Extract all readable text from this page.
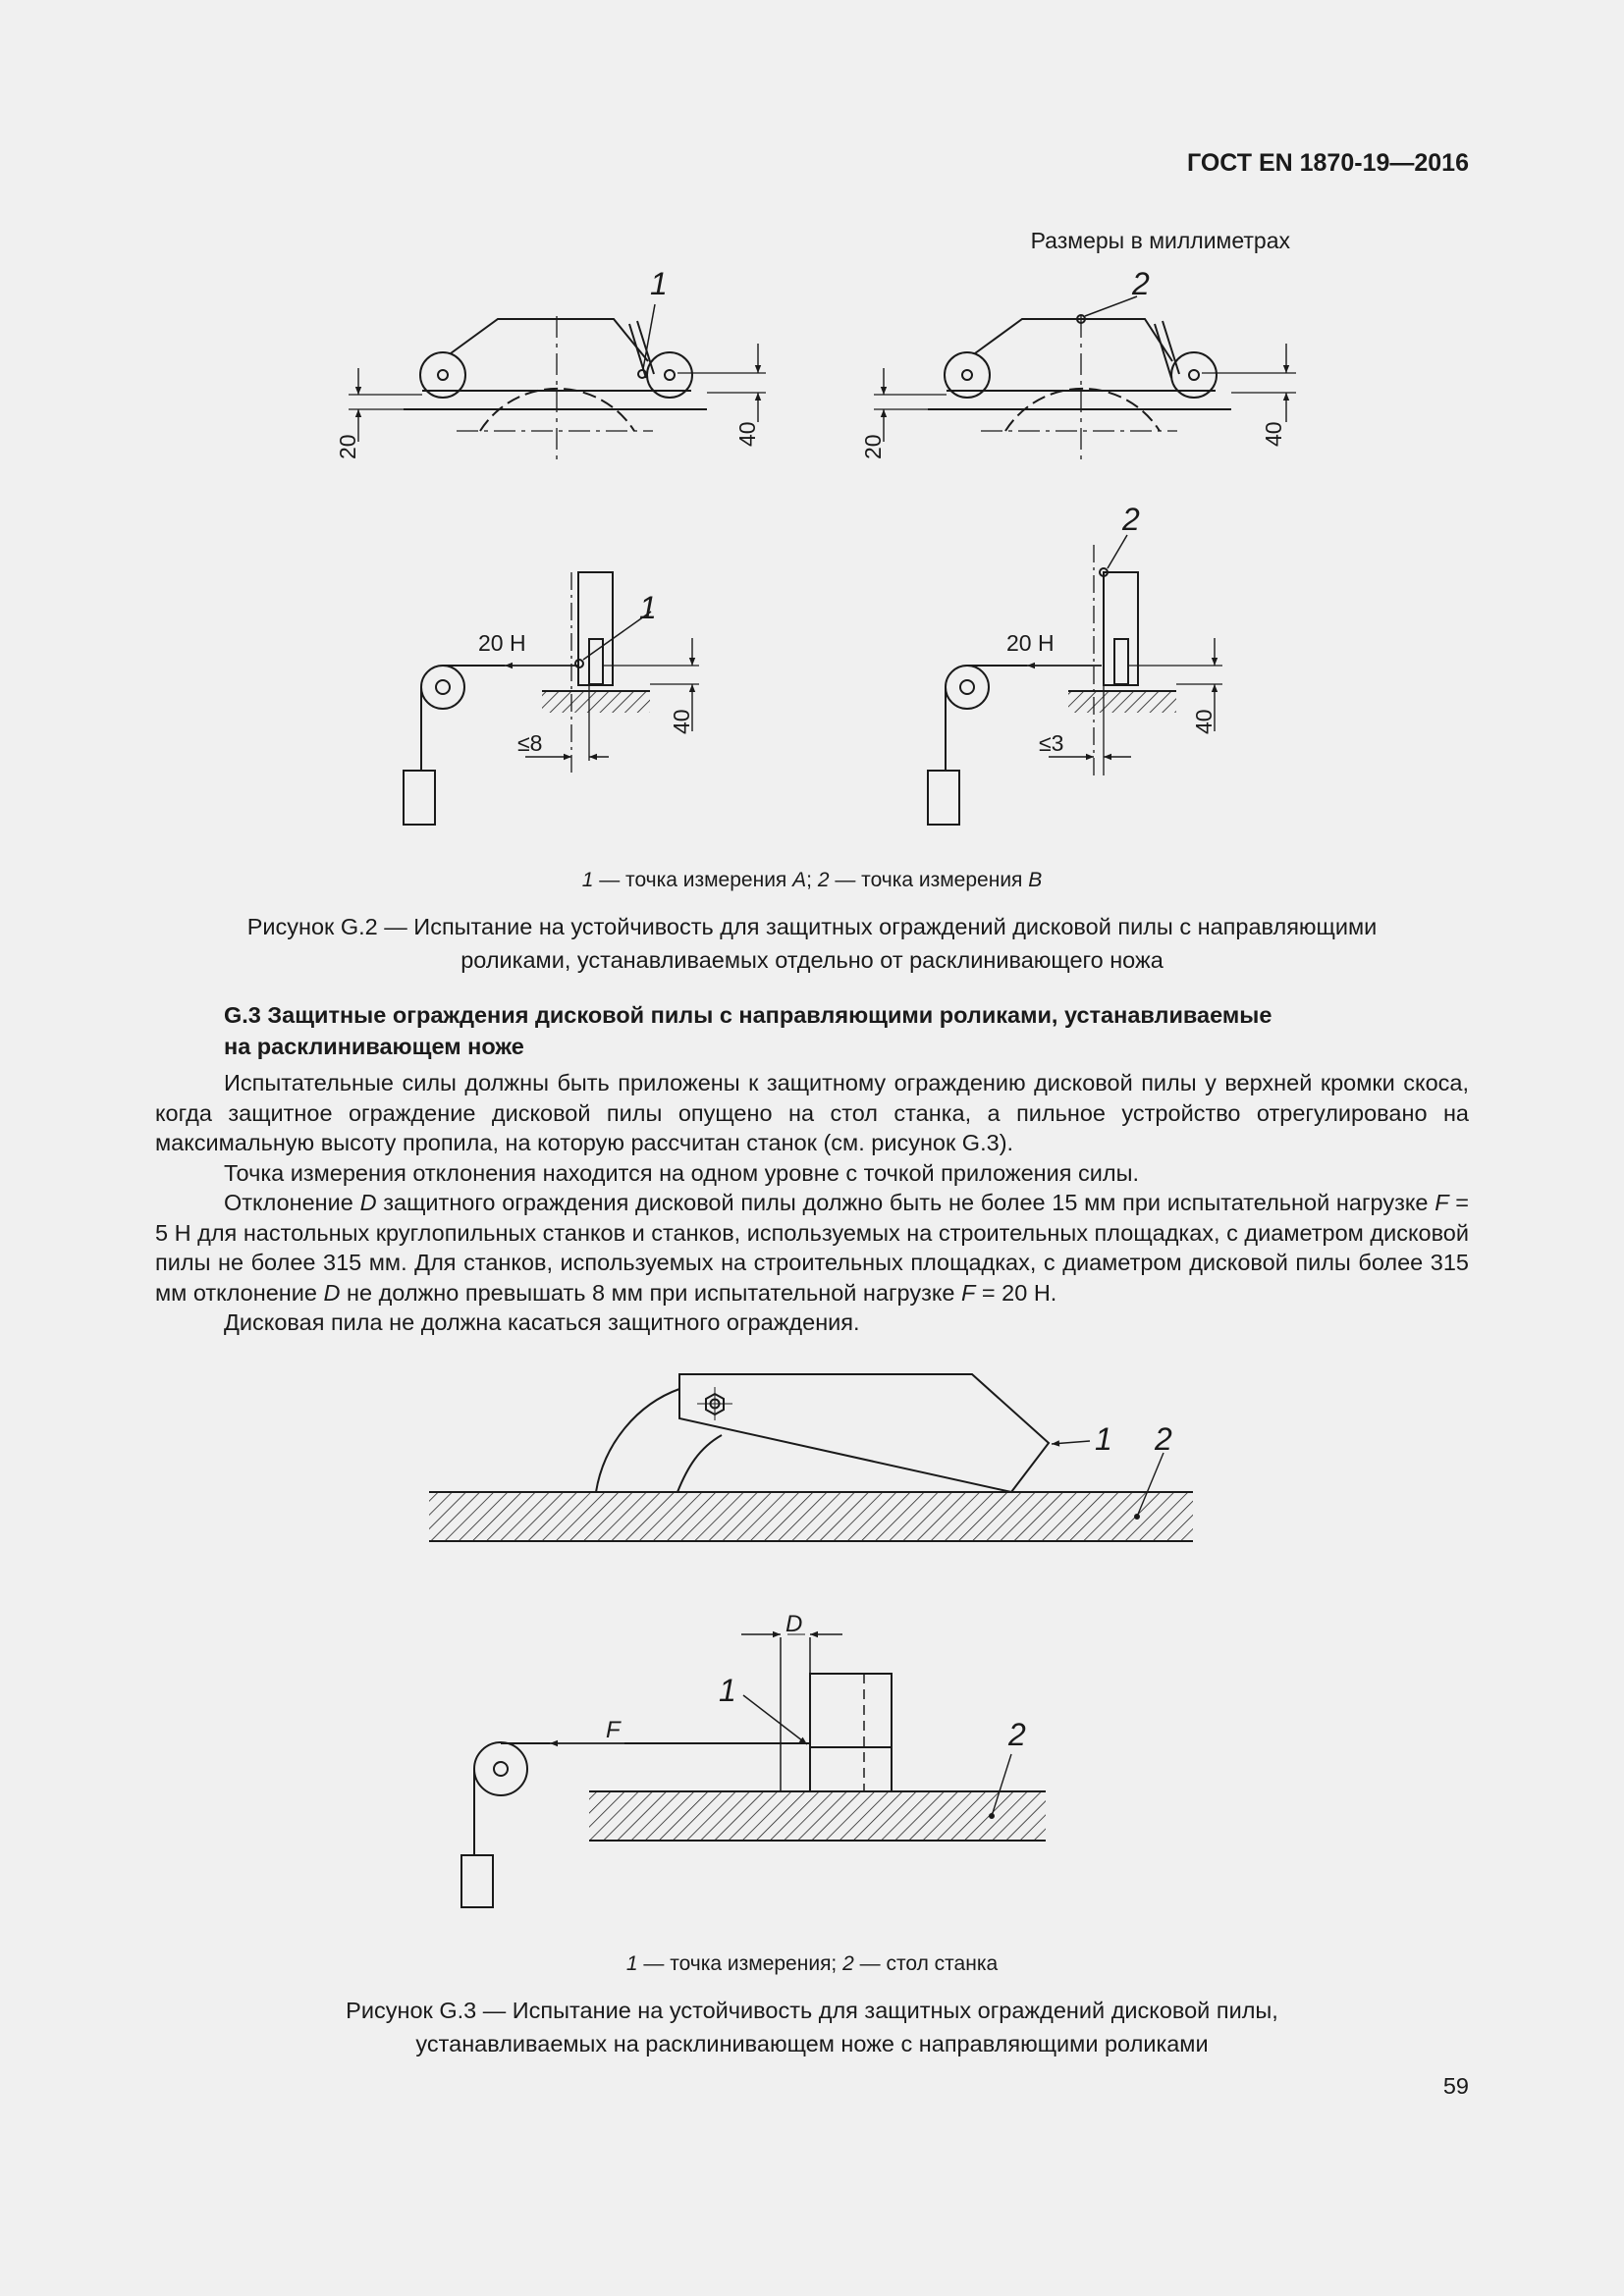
ГОСТ EN 1870-19—2016
Размеры в миллиметрах
1	2
1
2
20
40
20
40
40	40
20 Н	20 Н
≤8	≤3
1 — точка измерения А; 2 — точка измерения В
Рисунок G.2 — Испытание на устойчивость для защитных ограждений дисковой пилы с направляющими
роликами, устанавливаемых отдельно от расклинивающего ножа
G.3 Защитные ограждения дисковой пилы с направляющими роликами, устанавливаемые
на расклинивающем ноже

Испытательные силы должны быть приложены к защитному ограждению дисковой пилы у верхней кромки скоса, когда защитное ограждение дисковой пилы опущено на стол станка, а пильное устройство отрегулировано на максимальную высоту пропила, на которую рассчитан станок (см. рисунок G.3).

Точка измерения отклонения находится на одном уровне с точкой приложения силы.

Отклонение D защитного ограждения дисковой пилы должно быть не более 15 мм при испытательной нагрузке F = 5 Н для настольных круглопильных станков и станков, используемых на строительных площадках, с диаметром дисковой пилы не более 315 мм. Для станков, используемых на строительных площадках, с диаметром дисковой пилы более 315 мм отклонение D не должно превышать 8 мм при испытательной нагрузке F = 20 Н.

Дисковая пила не должна касаться защитного ограждения.

1 2
1
2
D
F
1 — точка измерения; 2 — стол станка
Рисунок G.3 — Испытание на устойчивость для защитных ограждений дисковой пилы,
устанавливаемых на расклинивающем ноже с направляющими роликами
59
